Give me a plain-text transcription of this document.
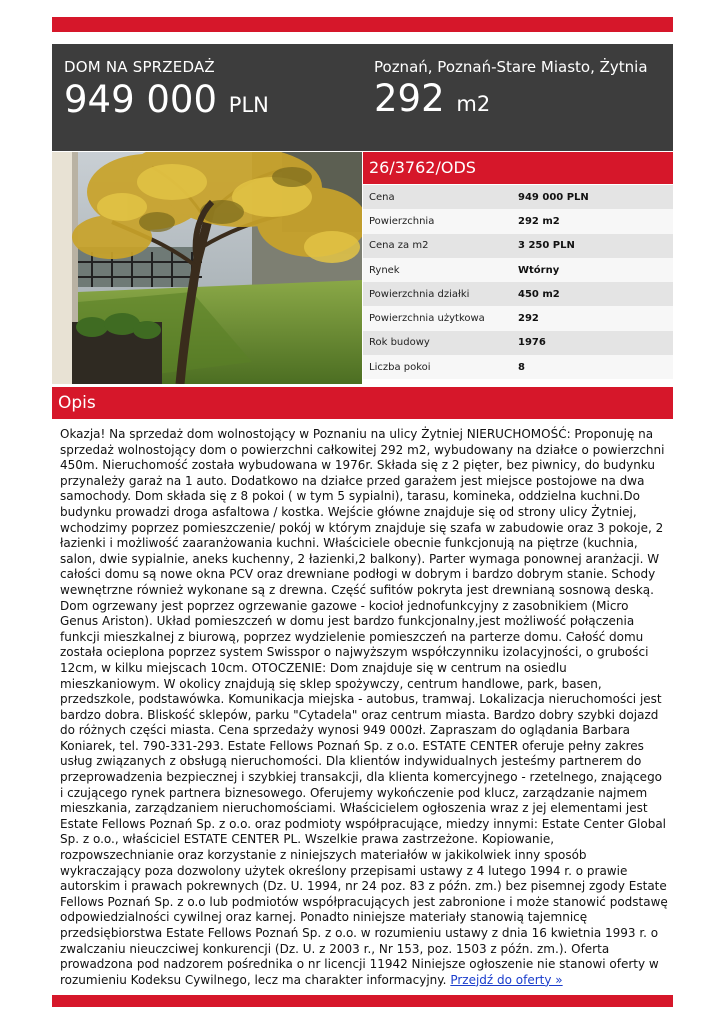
DOM NA SPRZEDAŻ
949 000 PLN
Poznań, Poznań-Stare Miasto, Żytnia
292 m2
26/3762/ODS
Cena	949 000 PLN
Powierzchnia	292 m2
Cena za m2	3 250 PLN
Rynek	Wtórny
Powierzchnia działki	450 m2
Powierzchnia użytkowa	292
Rok budowy	1976
Liczba pokoi	8
Opis
Okazja! Na sprzedaż dom wolnostojący w Poznaniu na ulicy Żytniej NIERUCHOMOŚĆ: Proponuję na sprzedaż wolnostojący dom o powierzchni całkowitej 292 m2, wybudowany na działce o powierzchni 450m. Nieruchomość została wybudowana w 1976r. Składa się z 2 pięter, bez piwnicy, do budynku przynależy garaż na 1 auto. Dodatkowo na działce przed garażem jest miejsce postojowe na dwa samochody. Dom składa się z 8 pokoi ( w tym 5 sypialni), tarasu, komineka, oddzielna kuchni.Do budynku prowadzi droga asfaltowa / kostka. Wejście główne znajduje się od strony ulicy Żytniej, wchodzimy poprzez pomieszczenie/ pokój w którym znajduje się szafa w zabudowie oraz 3 pokoje, 2 łazienki i możliwość zaaranżowania kuchni. Właściciele obecnie funkcjonują na piętrze (kuchnia, salon, dwie sypialnie, aneks kuchenny, 2 łazienki,2 balkony). Parter wymaga ponownej aranżacji. W całości domu są nowe okna PCV oraz drewniane podłogi w dobrym i bardzo dobrym stanie. Schody wewnętrzne również wykonane są z drewna. Część sufitów pokryta jest drewnianą sosnową deską. Dom ogrzewany jest poprzez ogrzewanie gazowe - kocioł jednofunkcyjny z zasobnikiem (Micro Genus Ariston). Układ pomieszczeń w domu jest bardzo funkcjonalny,jest możliwość połączenia funkcji mieszkalnej z biurową, poprzez wydzielenie pomieszczeń na parterze domu. Całość domu została ocieplona poprzez system Swisspor o najwyższym współczynniku izolacyjności, o grubości 12cm, w kilku miejscach 10cm. OTOCZENIE: Dom znajduje się w centrum na osiedlu mieszkaniowym. W okolicy znajdują się sklep spożywczy, centrum handlowe, park, basen, przedszkole, podstawówka. Komunikacja miejska - autobus, tramwaj. Lokalizacja nieruchomości jest bardzo dobra. Bliskość sklepów, parku "Cytadela" oraz centrum miasta. Bardzo dobry szybki dojazd do różnych części miasta. Cena sprzedaży wynosi 949 000zł. Zapraszam do oglądania Barbara Koniarek, tel. 790-331-293. Estate Fellows Poznań Sp. z o.o. ESTATE CENTER oferuje pełny zakres usług związanych z obsługą nieruchomości. Dla klientów indywidualnych jesteśmy partnerem do przeprowadzenia bezpiecznej i szybkiej transakcji, dla klienta komercyjnego - rzetelnego, znającego i czującego rynek partnera biznesowego. Oferujemy wykończenie pod klucz, zarządzanie najmem mieszkania, zarządzaniem nieruchomościami. Właścicielem ogłoszenia wraz z jej elementami jest Estate Fellows Poznań Sp. z o.o. oraz podmioty współpracujące, miedzy innymi: Estate Center Global Sp. z o.o., właściciel ESTATE CENTER PL. Wszelkie prawa zastrzeżone. Kopiowanie, rozpowszechnianie oraz korzystanie z niniejszych materiałów w jakikolwiek inny sposób wykraczający poza dozwolony użytek określony przepisami ustawy z 4 lutego 1994 r. o prawie autorskim i prawach pokrewnych (Dz. U. 1994, nr 24 poz. 83 z późn. zm.) bez pisemnej zgody Estate Fellows Poznań Sp. z o.o lub podmiotów współpracujących jest zabronione i może stanowić podstawę odpowiedzialności cywilnej oraz karnej. Ponadto niniejsze materiały stanowią tajemnicę przedsiębiorstwa Estate Fellows Poznań Sp. z o.o. w rozumieniu ustawy z dnia 16 kwietnia 1993 r. o zwalczaniu nieuczciwej konkurencji (Dz. U. z 2003 r., Nr 153, poz. 1503 z późn. zm.). Oferta prowadzona pod nadzorem pośrednika o nr licencji 11942 Niniejsze ogłoszenie nie stanowi oferty w rozumieniu Kodeksu Cywilnego, lecz ma charakter informacyjny. Przejdź do oferty »
